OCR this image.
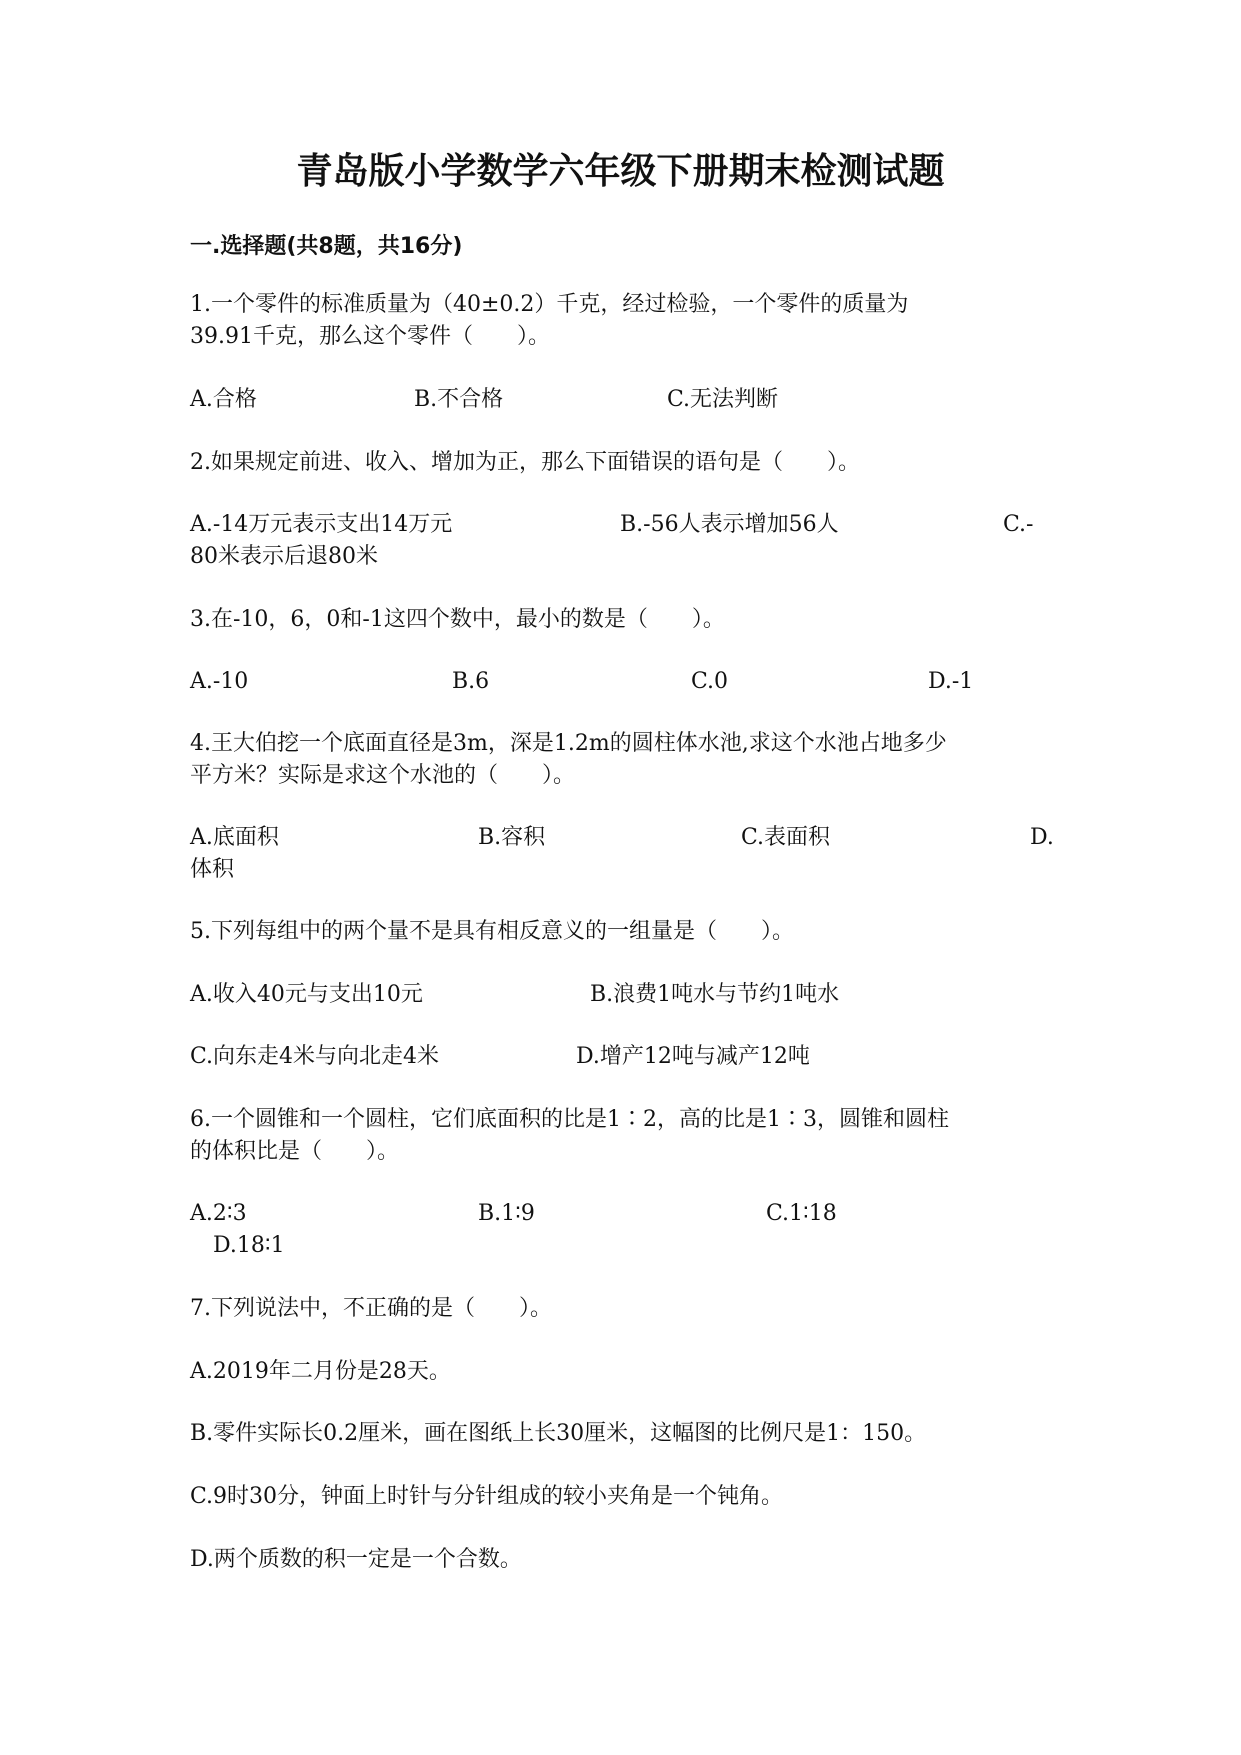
青岛版小学数学六年级下册期末检测试题
一.选择题(共8题，共16分)
1.一个零件的标准质量为（40±0.2）千克，经过检验，一个零件的质量为
39.91千克，那么这个零件（　　）。
A.合格	B.不合格	C.无法判断
2.如果规定前进、收入、增加为正，那么下面错误的语句是（　　）。
A.-14万元表示支出14万元	B.-56人表示增加56人	C.-
80米表示后退80米
3.在-10，6，0和-1这四个数中，最小的数是（　　）。
A.-10	B.6	C.0	D.-1
4.王大伯挖一个底面直径是3m，深是1.2m的圆柱体水池,求这个水池占地多少
平方米？实际是求这个水池的（　　）。
A.底面积	B.容积	C.表面积	D.
体积
5.下列每组中的两个量不是具有相反意义的一组量是（　　）。
A.收入40元与支出10元	B.浪费1吨水与节约1吨水
C.向东走4米与向北走4米	D.增产12吨与减产12吨
6.一个圆锥和一个圆柱，它们底面积的比是1∶2，高的比是1∶3，圆锥和圆柱
的体积比是（　　）。
A.2∶3	B.1∶9	C.1∶18
D.18∶1
7.下列说法中，不正确的是（　　）。
A.2019年二月份是28天。
B.零件实际长0.2厘米，画在图纸上长30厘米，这幅图的比例尺是1：150。
C.9时30分，钟面上时针与分针组成的较小夹角是一个钝角。
D.两个质数的积一定是一个合数。
